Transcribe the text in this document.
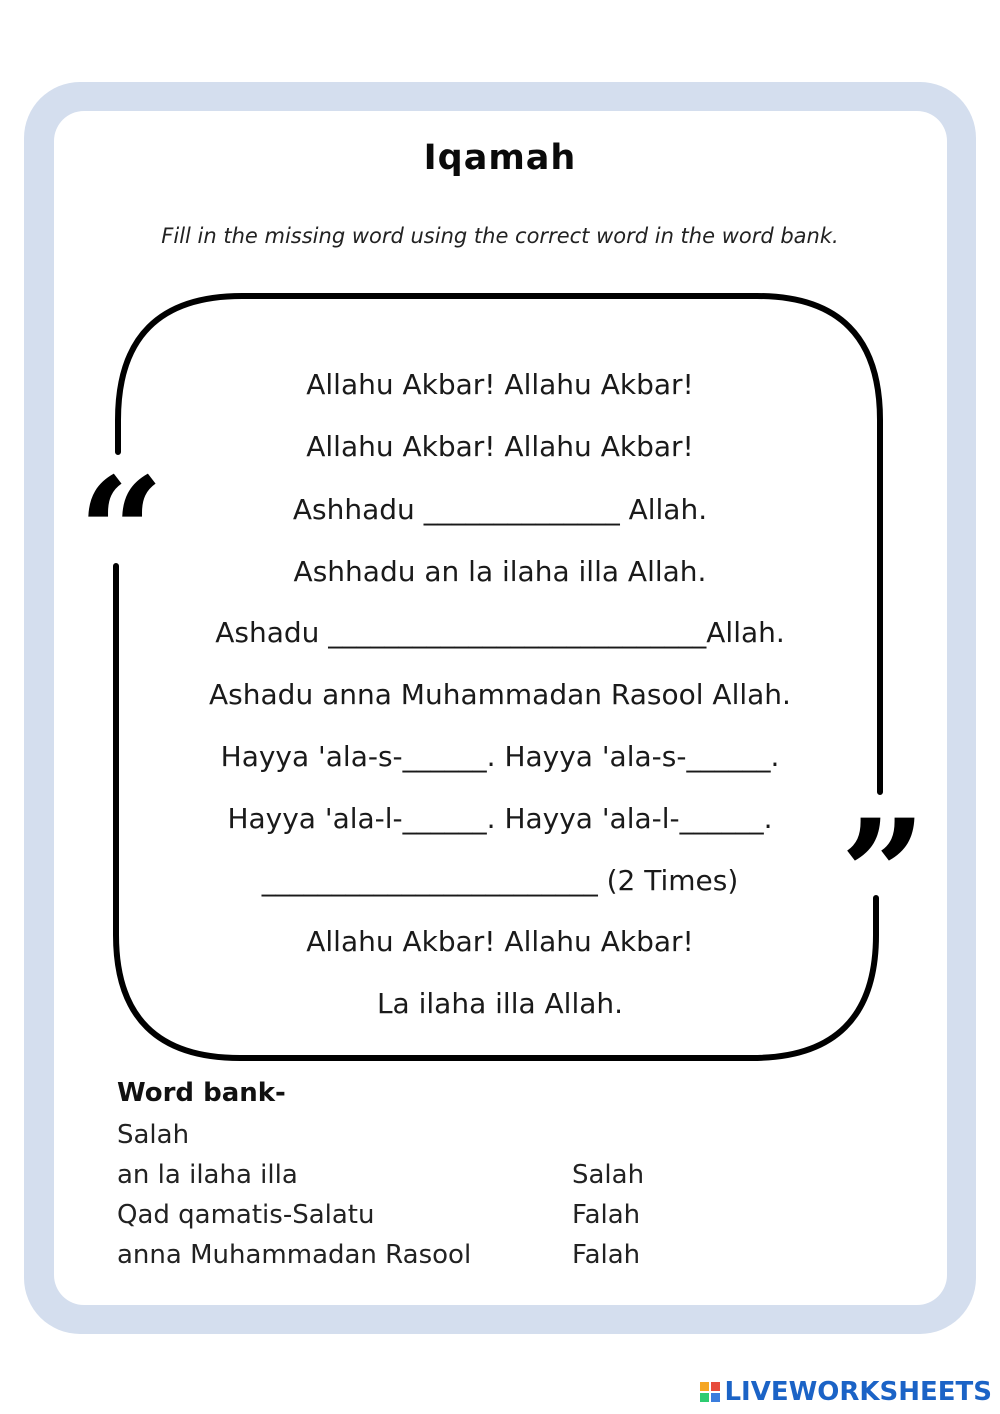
Iqamah
Fill in the missing word using the correct word in the word bank.
“
”
Allahu Akbar! Allahu Akbar!
Allahu Akbar! Allahu Akbar!
Ashhadu ______________ Allah.
Ashhadu an la ilaha illa Allah.
Ashadu ___________________________Allah.
Ashadu anna Muhammadan Rasool Allah.
Hayya 'ala-s-______. Hayya 'ala-s-______.
Hayya 'ala-l-______. Hayya 'ala-l-______.
________________________ (2 Times)
Allahu Akbar! Allahu Akbar!
La ilaha illa Allah.
Word bank-
Salah
an la ilaha illa
Qad qamatis-Salatu
anna Muhammadan Rasool
Salah
Falah
Falah
LIVEWORKSHEETS
